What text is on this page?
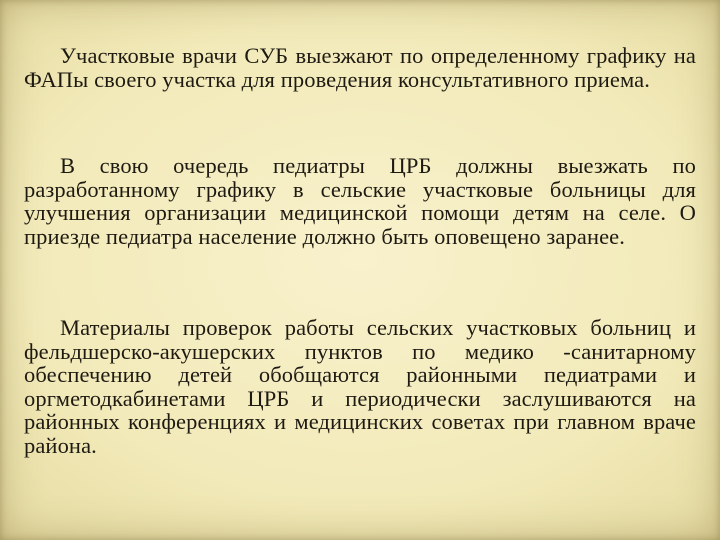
Участковые врачи СУБ выезжают по определенному графику на ФАПы своего участка для проведения консультативного приема.

В свою очередь педиатры ЦРБ должны выезжать по разработанному графику в сельские участковые больницы для улучшения организации медицинской помощи детям на селе. О приезде педиатра население должно быть оповещено заранее.

Материалы проверок работы сельских участковых больниц и фельдшерско-акушерских пунктов по медико -санитарному обеспечению детей обобщаются районными педиатрами и оргметодкабинетами ЦРБ и периодически заслушиваются на районных конференциях и медицинских советах при главном враче района.
